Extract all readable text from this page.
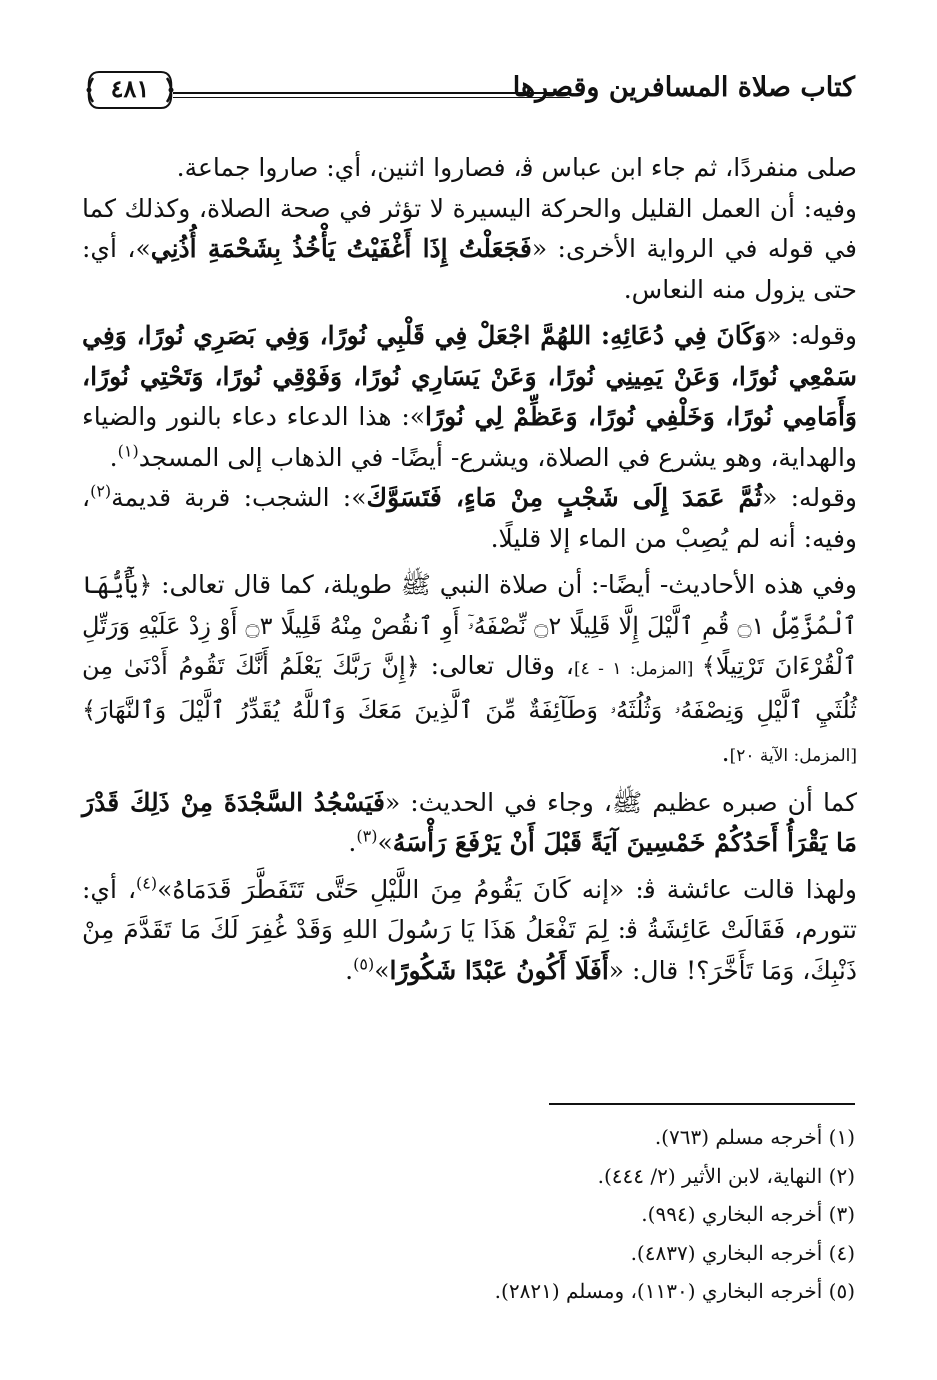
كتاب صلاة المسافرين وقصرها
٤٨١

صلى منفردًا، ثم جاء ابن عباس ﭬ، فصاروا اثنين، أي: صاروا جماعة.

وفيه: أن العمل القليل والحركة اليسيرة لا تؤثر في صحة الصلاة، وكذلك كما في قوله في الرواية الأخرى: «فَجَعَلْتُ إِذَا أَغْفَيْتُ يَأْخُذُ بِشَحْمَةِ أُذُنِي»، أي: حتى يزول منه النعاس.

وقوله: «وَكَانَ فِي دُعَائِهِ: اللهُمَّ اجْعَلْ فِي قَلْبِي نُورًا، وَفِي بَصَرِي نُورًا، وَفِي سَمْعِي نُورًا، وَعَنْ يَمِينِي نُورًا، وَعَنْ يَسَارِي نُورًا، وَفَوْقِي نُورًا، وَتَحْتِي نُورًا، وَأَمَامِي نُورًا، وَخَلْفِي نُورًا، وَعَظِّمْ لِي نُورًا»: هذا الدعاء دعاء بالنور والضياء والهداية، وهو يشرع في الصلاة، ويشرع- أيضًا- في الذهاب إلى المسجد$^{(١)}$.

وقوله: «ثُمَّ عَمَدَ إِلَى شَجْبٍ مِنْ مَاءٍ، فَتَسَوَّكَ»: الشجب: قربة قديمة$^{(٢)}$، وفيه: أنه لم يُصِبْ من الماء إلا قليلًا.

وفي هذه الأحاديث- أيضًا-: أن صلاة النبي ﷺ طويلة، كما قال تعالى: ﴿يَٰٓأَيُّهَا ٱلْمُزَّمِّلُ ۝١ قُمِ ٱلَّيْلَ إِلَّا قَلِيلًا ۝٢ نِّصْفَهُۥٓ أَوِ ٱنقُصْ مِنْهُ قَلِيلًا ۝٣ أَوْ زِدْ عَلَيْهِ وَرَتِّلِ ٱلْقُرْءَانَ تَرْتِيلًا﴾ [المزمل: ١ - ٤]، وقال تعالى: ﴿إِنَّ رَبَّكَ يَعْلَمُ أَنَّكَ تَقُومُ أَدْنَىٰ مِن ثُلُثَيِ ٱلَّيْلِ وَنِصْفَهُۥ وَثُلُثَهُۥ وَطَآئِفَةٌ مِّنَ ٱلَّذِينَ مَعَكَ وَٱللَّهُ يُقَدِّرُ ٱلَّيْلَ وَٱلنَّهَارَ﴾ [المزمل: الآية ٢٠].

كما أن صبره عظيم ﷺ، وجاء في الحديث: «فَيَسْجُدُ السَّجْدَةَ مِنْ ذَلِكَ قَدْرَ مَا يَقْرَأُ أَحَدُكُمْ خَمْسِينَ آيَةً قَبْلَ أَنْ يَرْفَعَ رَأْسَهُ»$^{(٣)}$.

ولهذا قالت عائشة ﭬ: «إنه كَانَ يَقُومُ مِنَ اللَّيْلِ حَتَّى تَتَفَطَّرَ قَدَمَاهُ»$^{(٤)}$، أي: تتورم، فَقَالَتْ عَائِشَةُ ﭬ: لِمَ تَفْعَلُ هَذَا يَا رَسُولَ اللهِ وَقَدْ غُفِرَ لَكَ مَا تَقَدَّمَ مِنْ ذَنْبِكَ، وَمَا تَأَخَّرَ؟! قال: «أَفَلَا أَكُونُ عَبْدًا شَكُورًا»$^{(٥)}$.

(١) أخرجه مسلم (٧٦٣).
(٢) النهاية، لابن الأثير (٢/ ٤٤٤).
(٣) أخرجه البخاري (٩٩٤).
(٤) أخرجه البخاري (٤٨٣٧).
(٥) أخرجه البخاري (١١٣٠)، ومسلم (٢٨٢١).
